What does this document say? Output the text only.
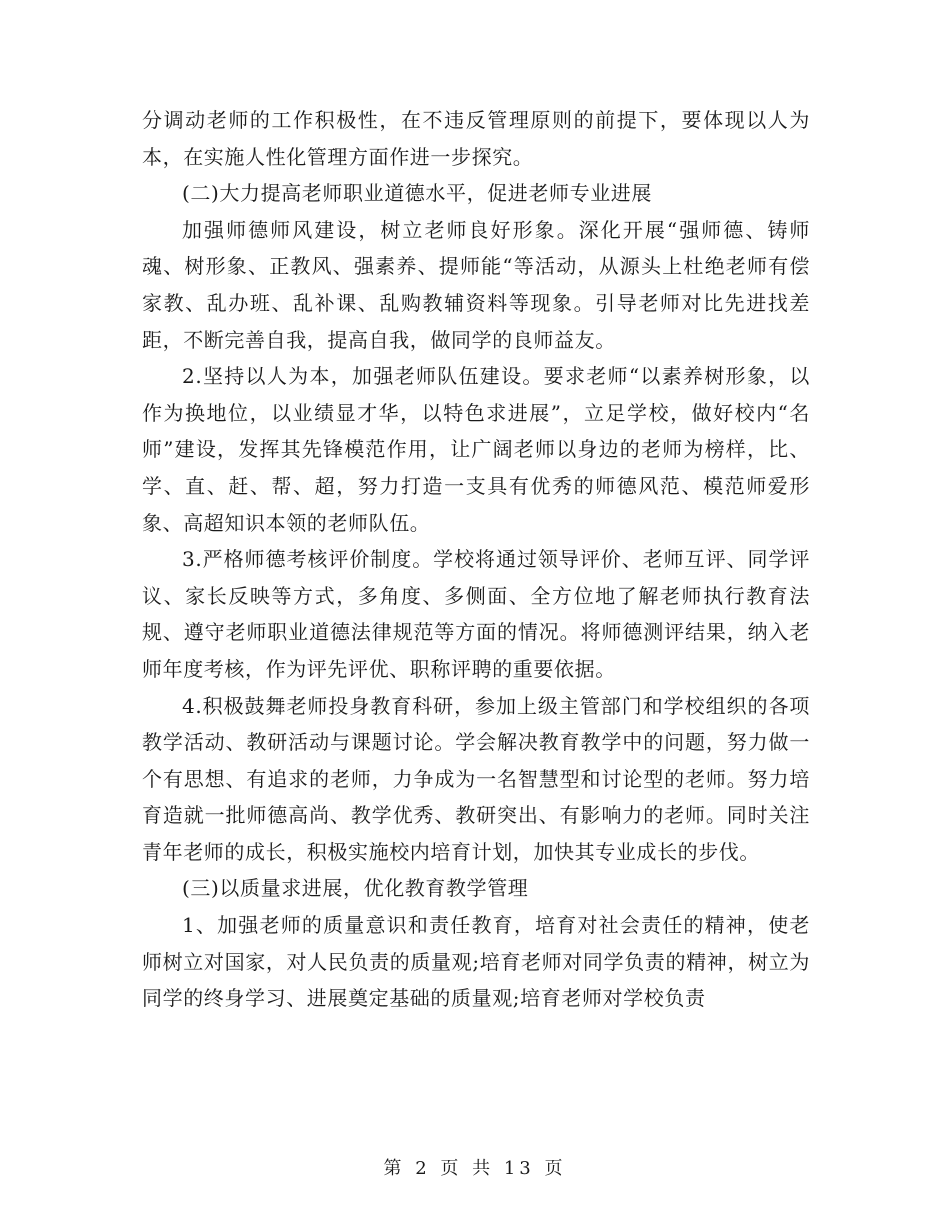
分调动老师的工作积极性，在不违反管理原则的前提下，要体现以人为本，在实施人性化管理方面作进一步探究。

(二)大力提高老师职业道德水平，促进老师专业进展

加强师德师风建设，树立老师良好形象。深化开展“强师德、铸师魂、树形象、正教风、强素养、提师能“等活动，从源头上杜绝老师有偿家教、乱办班、乱补课、乱购教辅资料等现象。引导老师对比先进找差距，不断完善自我，提高自我，做同学的良师益友。

2.坚持以人为本，加强老师队伍建设。要求老师“以素养树形象，以作为换地位，以业绩显才华，以特色求进展”，立足学校，做好校内“名师”建设，发挥其先锋模范作用，让广阔老师以身边的老师为榜样，比、学、直、赶、帮、超，努力打造一支具有优秀的师德风范、模范师爱形象、高超知识本领的老师队伍。

3.严格师德考核评价制度。学校将通过领导评价、老师互评、同学评议、家长反映等方式，多角度、多侧面、全方位地了解老师执行教育法规、遵守老师职业道德法律规范等方面的情况。将师德测评结果，纳入老师年度考核，作为评先评优、职称评聘的重要依据。

4.积极鼓舞老师投身教育科研，参加上级主管部门和学校组织的各项教学活动、教研活动与课题讨论。学会解决教育教学中的问题，努力做一个有思想、有追求的老师，力争成为一名智慧型和讨论型的老师。努力培育造就一批师德高尚、教学优秀、教研突出、有影响力的老师。同时关注青年老师的成长，积极实施校内培育计划，加快其专业成长的步伐。

(三)以质量求进展，优化教育教学管理

1、加强老师的质量意识和责任教育，培育对社会责任的精神，使老师树立对国家，对人民负责的质量观;培育老师对同学负责的精神，树立为同学的终身学习、进展奠定基础的质量观;培育老师对学校负责

第 2 页 共 13 页
